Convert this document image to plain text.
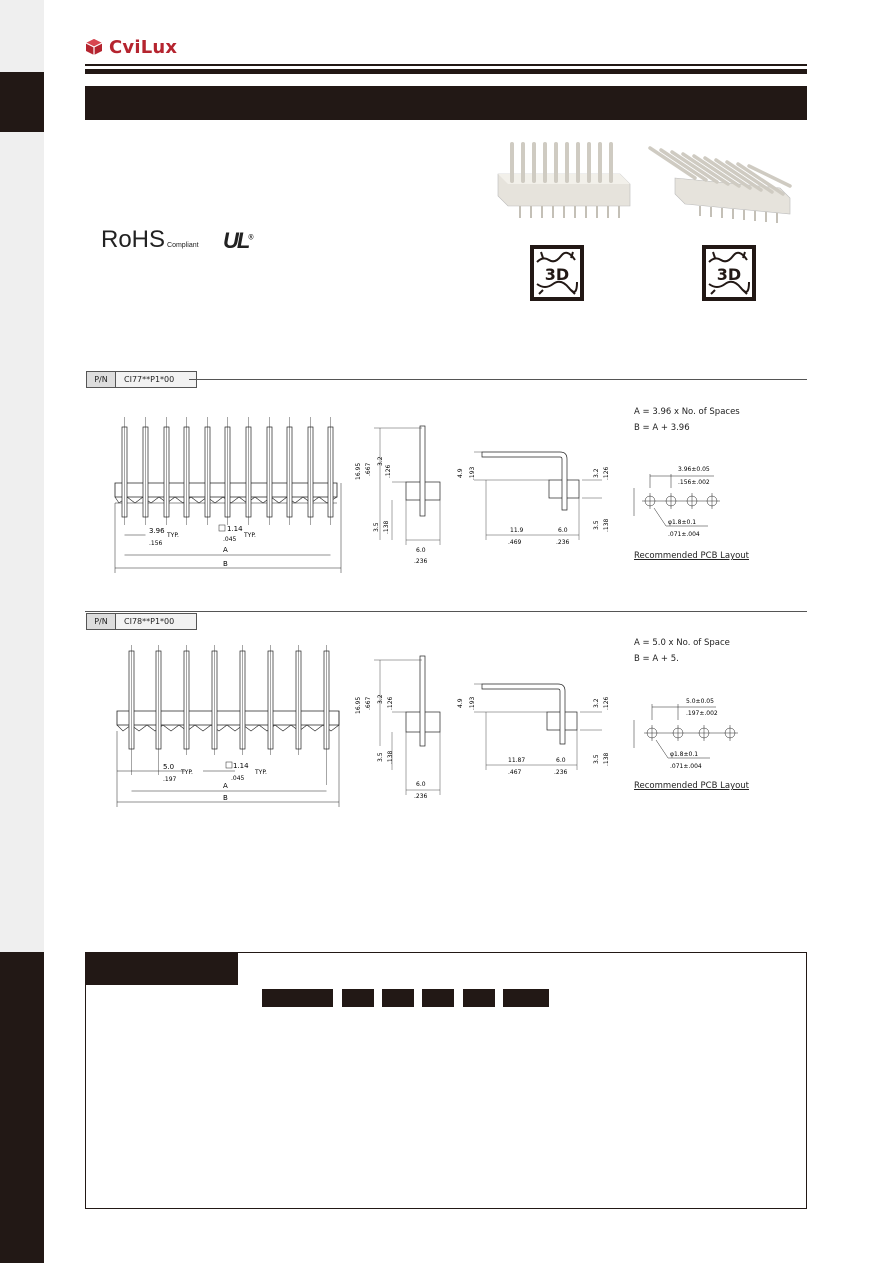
CviLux
RoHS Compliant UL®
3D	3D
P/N	CI77**P1*00
A = 3.96 x No. of Spaces
B = A + 3.96
3.96
TYP.
.156
1.14
TYP.
.045
A
B
16.95 .667
3.2
.126
3.5 .138
6.0
.236
4.9 .193	3.2 .126
3.5 .138
11.9
.469
6.0
.236
3.96±0.05
.156±.002
φ1.8±0.1
.071±.004
Recommended PCB Layout
P/N	CI78**P1*00
A = 5.0 x No. of Space
B = A + 5.
5.0
TYP.
.197
1.14
TYP.
.045
A
B
16.95 .667 3.2 .126
3.5 .138
6.0
.236
4.9 .193	3.2 .126
3.5 .138
11.87
.467
6.0
.236
5.0±0.05
.197±.002
φ1.8±0.1
.071±.004
Recommended PCB Layout
